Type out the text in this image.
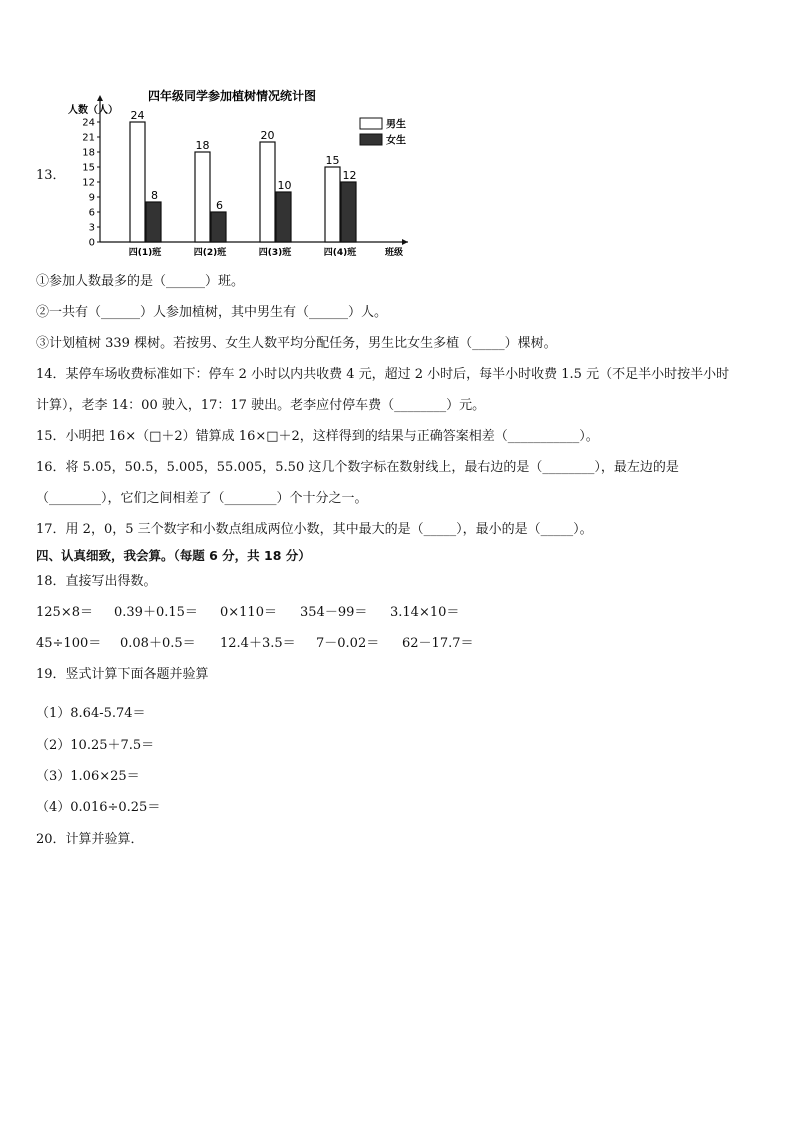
13．
四年级同学参加植树情况统计图
人数（人）
0
3
6
9
12
15
18
21
24
24
8
18
6
20
10
15
12
四(1)班	四(2)班	四(3)班	四(4)班	班级
男生
女生
①参加人数最多的是（______）班。
②一共有（______）人参加植树，其中男生有（______）人。
③计划植树 339 棵树。若按男、女生人数平均分配任务，男生比女生多植（_____）棵树。
14．某停车场收费标准如下：停车 2 小时以内共收费 4 元，超过 2 小时后，每半小时收费 1.5 元（不足半小时按半小时
计算），老李 14：00 驶入，17：17 驶出。老李应付停车费（________）元。
15．小明把 16×（□＋2）错算成 16×□＋2，这样得到的结果与正确答案相差（___________）。
16．将 5.05，50.5，5.005，55.005，5.50 这几个数字标在数射线上，最右边的是（________），最左边的是
（________），它们之间相差了（________）个十分之一。
17．用 2，0，5 三个数字和小数点组成两位小数，其中最大的是（_____），最小的是（_____）。
四、认真细致，我会算。（每题 6 分，共 18 分）
18．直接写出得数。
125×8＝ 0.39＋0.15＝ 0×110＝ 354－99＝ 3.14×10＝
45÷100＝ 0.08＋0.5＝ 12.4＋3.5＝ 7－0.02＝ 62－17.7＝
19．竖式计算下面各题并验算
（1）8.64-5.74＝
（2）10.25＋7.5＝
（3）1.06×25＝
（4）0.016÷0.25＝
20．计算并验算．
